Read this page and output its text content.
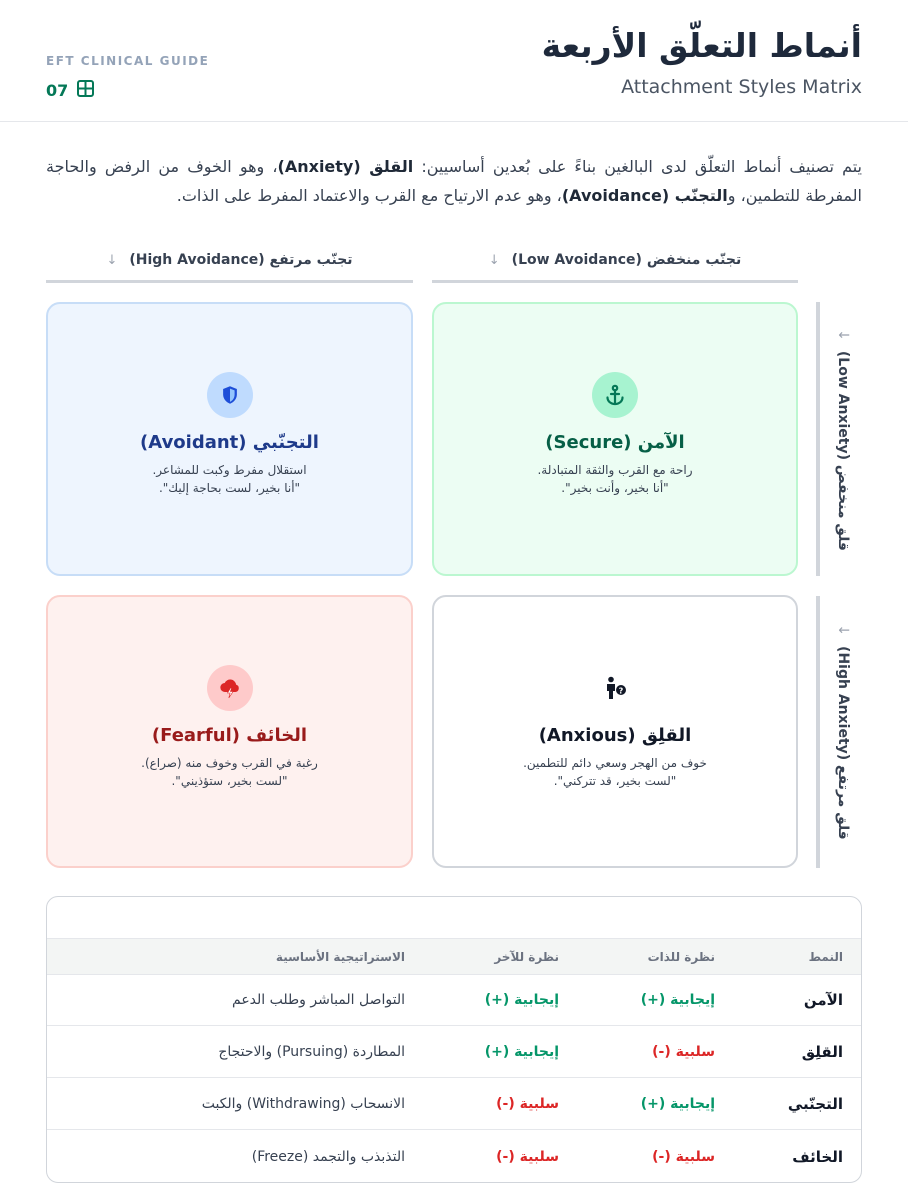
أنماط التعلّق الأربعة
Attachment Styles Matrix
EFT CLINICAL GUIDE
07

يتم تصنيف أنماط التعلّق لدى البالغين بناءً على بُعدين أساسيين: القلق (Anxiety)، وهو الخوف من الرفض والحاجة المفرطة للتطمين، والتجنّب (Avoidance)، وهو عدم الارتياح مع القرب والاعتماد المفرط على الذات.

تجنّب منخفض (Low Avoidance)
↓
تجنّب مرتفع (High Avoidance)
↓
قلق منخفض (Low Anxiety)
↓
قلق مرتفع (High Anxiety)
↓
الآمن (Secure)
راحة مع القرب والثقة المتبادلة.
"أنا بخير، وأنت بخير".
التجنّبي (Avoidant)
استقلال مفرط وكبت للمشاعر.
"أنا بخير، لست بحاجة إليك".
?
القلِق (Anxious)
خوف من الهجر وسعي دائم للتطمين.
"لست بخير، قد تتركني".
الخائف (Fearful)
رغبة في القرب وخوف منه (صراع).
"لست بخير، ستؤذيني".
النمط
نظرة للذات
نظرة للآخر
الاستراتيجية الأساسية
الآمن
إيجابية (+)
إيجابية (+)
التواصل المباشر وطلب الدعم
القلِق
سلبية (-)
إيجابية (+)
المطاردة (Pursuing) والاحتجاج
التجنّبي
إيجابية (+)
سلبية (-)
الانسحاب (Withdrawing) والكبت
الخائف
سلبية (-)
سلبية (-)
التذبذب والتجمد (Freeze)
